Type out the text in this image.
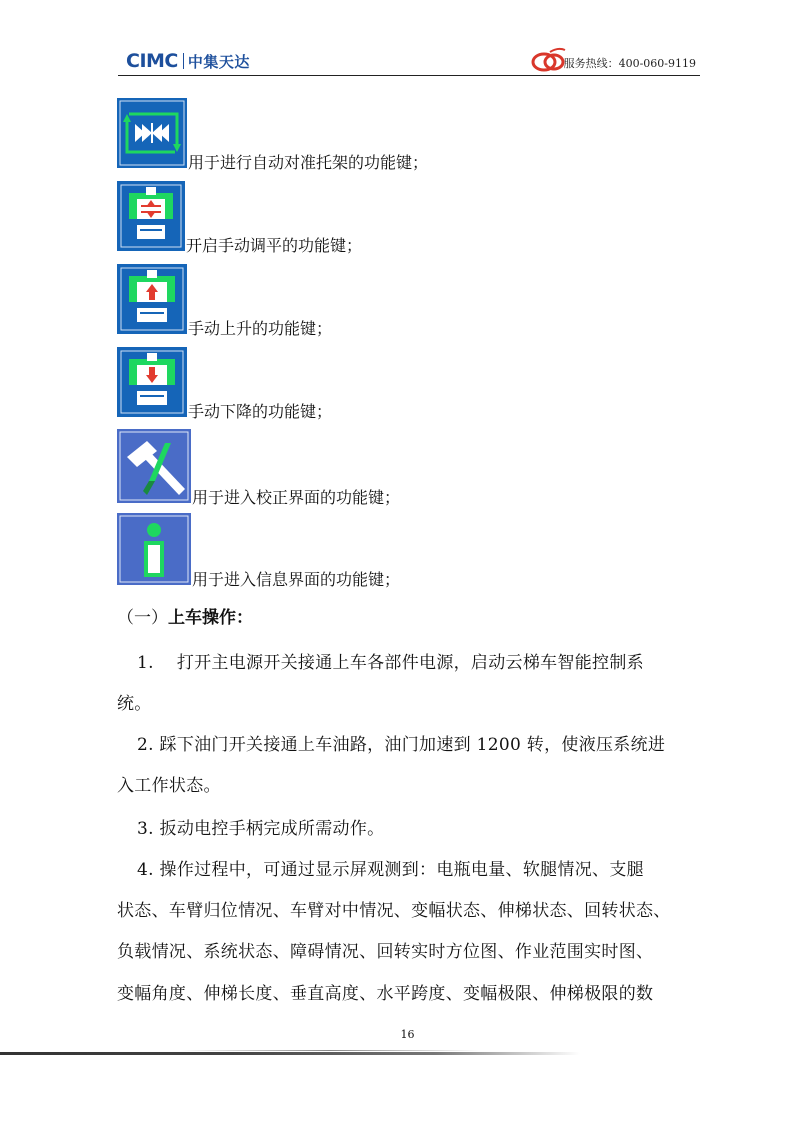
CIMC 中集天达	服务热线：400-060-9119
用于进行自动对准托架的功能键；
开启手动调平的功能键；
手动上升的功能键；
手动下降的功能键；
用于进入校正界面的功能键；
用于进入信息界面的功能键；
（一）上车操作：
1.　 打开主电源开关接通上车各部件电源，启动云梯车智能控制系
统。
2. 踩下油门开关接通上车油路，油门加速到 1200 转，使液压系统进
入工作状态。
3. 扳动电控手柄完成所需动作。
4. 操作过程中，可通过显示屏观测到：电瓶电量、软腿情况、支腿
状态、车臂归位情况、车臂对中情况、变幅状态、伸梯状态、回转状态、
负载情况、系统状态、障碍情况、回转实时方位图、作业范围实时图、
变幅角度、伸梯长度、垂直高度、水平跨度、变幅极限、伸梯极限的数
16
